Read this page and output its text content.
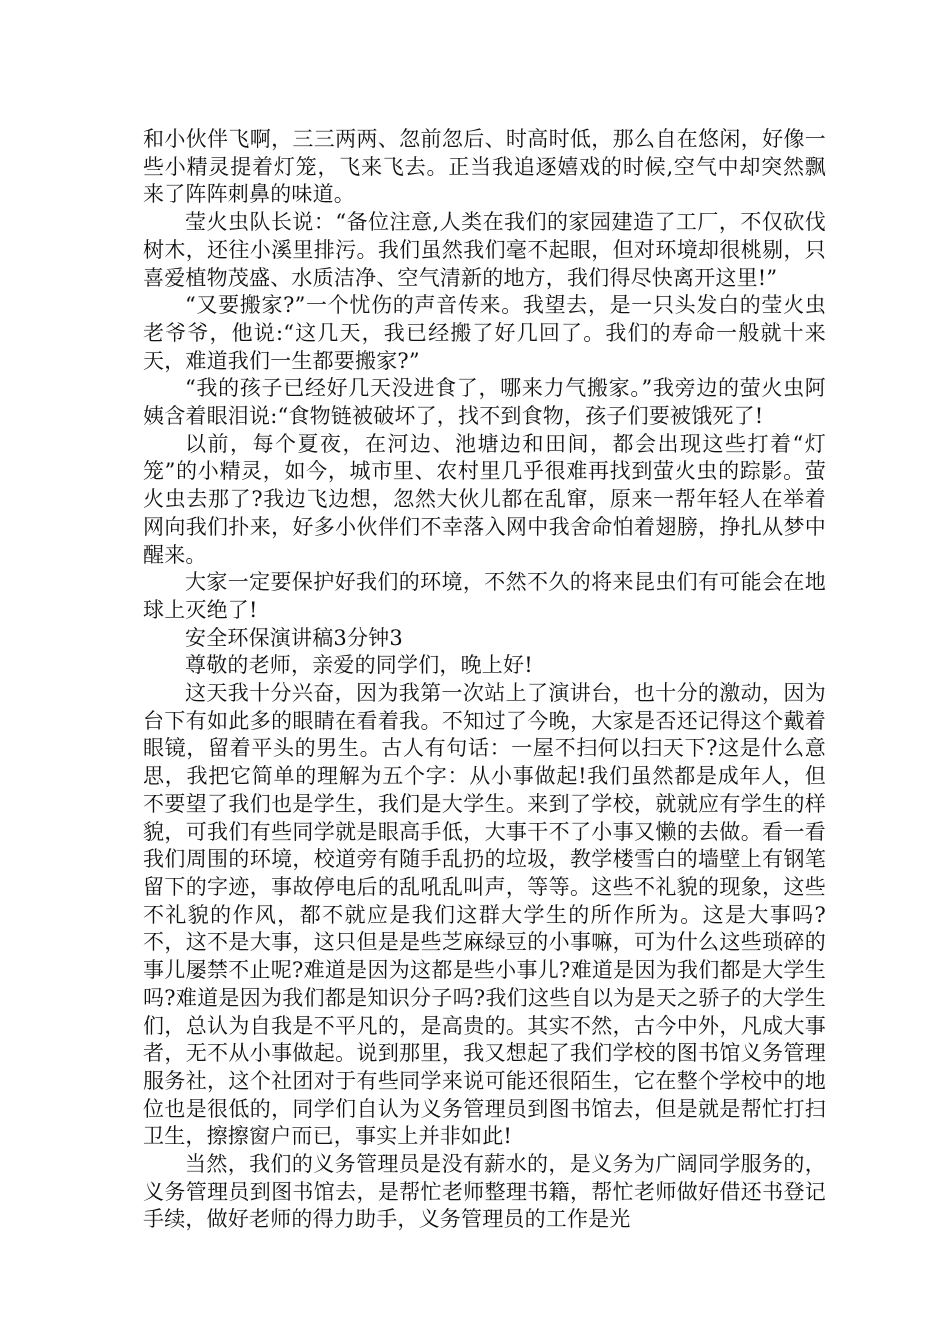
和小伙伴飞啊，三三两两、忽前忽后、时高时低，那么自在悠闲，好像一些小精灵提着灯笼，飞来飞去。正当我追逐嬉戏的时候,空气中却突然飘来了阵阵刺鼻的味道。

莹火虫队长说：“备位注意,人类在我们的家园建造了工厂，不仅砍伐树木，还往小溪里排污。我们虽然我们毫不起眼，但对环境却很桃剔，只喜爱植物茂盛、水质洁净、空气清新的地方，我们得尽快离开这里!”

“又要搬家?”一个忧伤的声音传来。我望去，是一只头发白的莹火虫老爷爷，他说:“这几天，我已经搬了好几回了。我们的寿命一般就十来天，难道我们一生都要搬家?”

“我的孩子已经好几天没进食了，哪来力气搬家。”我旁边的萤火虫阿姨含着眼泪说:“食物链被破坏了，找不到食物，孩子们要被饿死了!

以前，每个夏夜，在河边、池塘边和田间，都会出现这些打着“灯笼”的小精灵，如今，城市里、农村里几乎很难再找到萤火虫的踪影。萤火虫去那了?我边飞边想，忽然大伙儿都在乱窜，原来一帮年轻人在举着网向我们扑来，好多小伙伴们不幸落入网中我舍命怕着翅膀，挣扎从梦中醒来。

大家一定要保护好我们的环境，不然不久的将来昆虫们有可能会在地球上灭绝了!

安全环保演讲稿3分钟3

尊敬的老师，亲爱的同学们，晚上好!

这天我十分兴奋，因为我第一次站上了演讲台，也十分的激动，因为台下有如此多的眼睛在看着我。不知过了今晚，大家是否还记得这个戴着眼镜，留着平头的男生。古人有句话：一屋不扫何以扫天下?这是什么意思，我把它简单的理解为五个字：从小事做起!我们虽然都是成年人，但不要望了我们也是学生，我们是大学生。来到了学校，就就应有学生的样貌，可我们有些同学就是眼高手低，大事干不了小事又懒的去做。看一看我们周围的环境，校道旁有随手乱扔的垃圾，教学楼雪白的墙壁上有钢笔留下的字迹，事故停电后的乱吼乱叫声，等等。这些不礼貌的现象，这些不礼貌的作风，都不就应是我们这群大学生的所作所为。这是大事吗?不，这不是大事，这只但是是些芝麻绿豆的小事嘛，可为什么这些琐碎的事儿屡禁不止呢?难道是因为这都是些小事儿?难道是因为我们都是大学生吗?难道是因为我们都是知识分子吗?我们这些自以为是天之骄子的大学生们，总认为自我是不平凡的，是高贵的。其实不然，古今中外，凡成大事者，无不从小事做起。说到那里，我又想起了我们学校的图书馆义务管理服务社，这个社团对于有些同学来说可能还很陌生，它在整个学校中的地位也是很低的，同学们自认为义务管理员到图书馆去，但是就是帮忙打扫卫生，擦擦窗户而已，事实上并非如此!

当然，我们的义务管理员是没有薪水的，是义务为广阔同学服务的，义务管理员到图书馆去，是帮忙老师整理书籍，帮忙老师做好借还书登记手续，做好老师的得力助手，义务管理员的工作是光
